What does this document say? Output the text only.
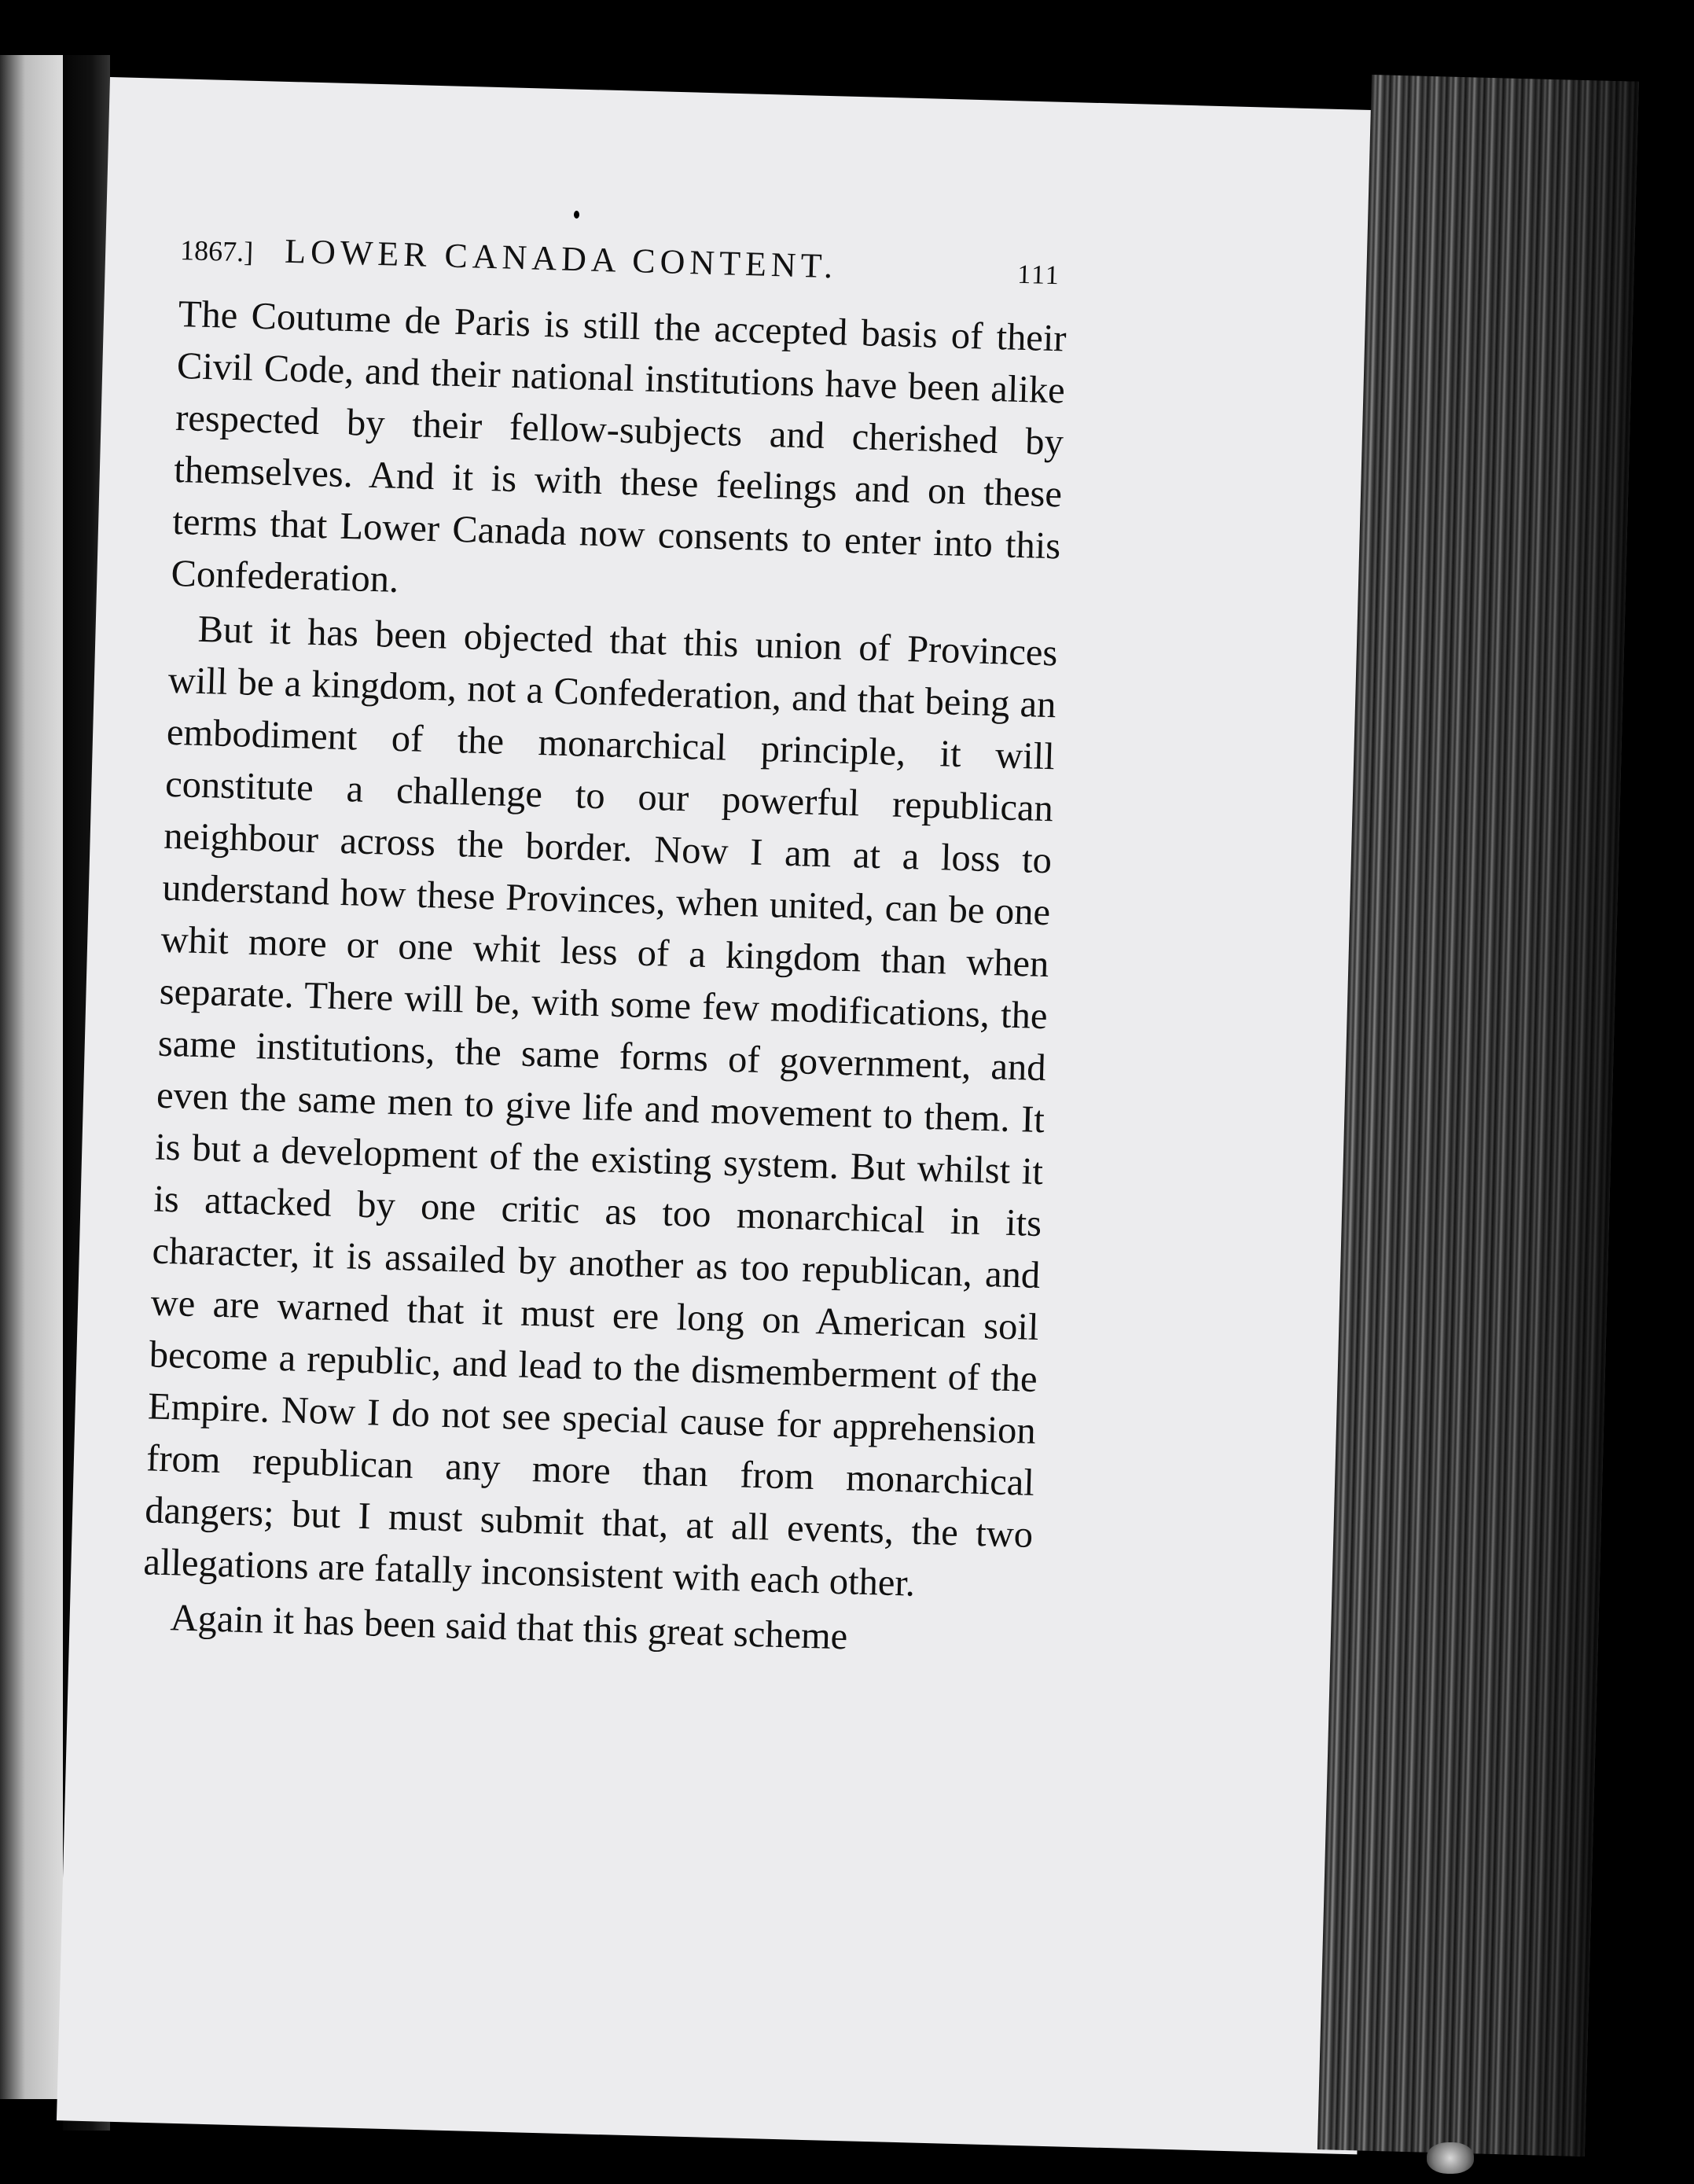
1867.] LOWER CANADA CONTENT.	111

The Coutume de Paris is still the accepted basis of their Civil Code, and their national institutions have been alike respected by their fellow-subjects and cherished by themselves. And it is with these feelings and on these terms that Lower Canada now consents to enter into this Confederation.

But it has been objected that this union of Provinces will be a kingdom, not a Confederation, and that being an embodiment of the monarchical principle, it will constitute a challenge to our powerful republican neighbour across the border. Now I am at a loss to understand how these Provinces, when united, can be one whit more or one whit less of a kingdom than when separate. There will be, with some few modifications, the same institutions, the same forms of government, and even the same men to give life and movement to them. It is but a development of the existing system. But whilst it is attacked by one critic as too monarchical in its character, it is assailed by another as too republican, and we are warned that it must ere long on American soil become a republic, and lead to the dismemberment of the Empire. Now I do not see special cause for apprehension from republican any more than from monarchical dangers; but I must submit that, at all events, the two allegations are fatally inconsistent with each other.

Again it has been said that this great scheme
